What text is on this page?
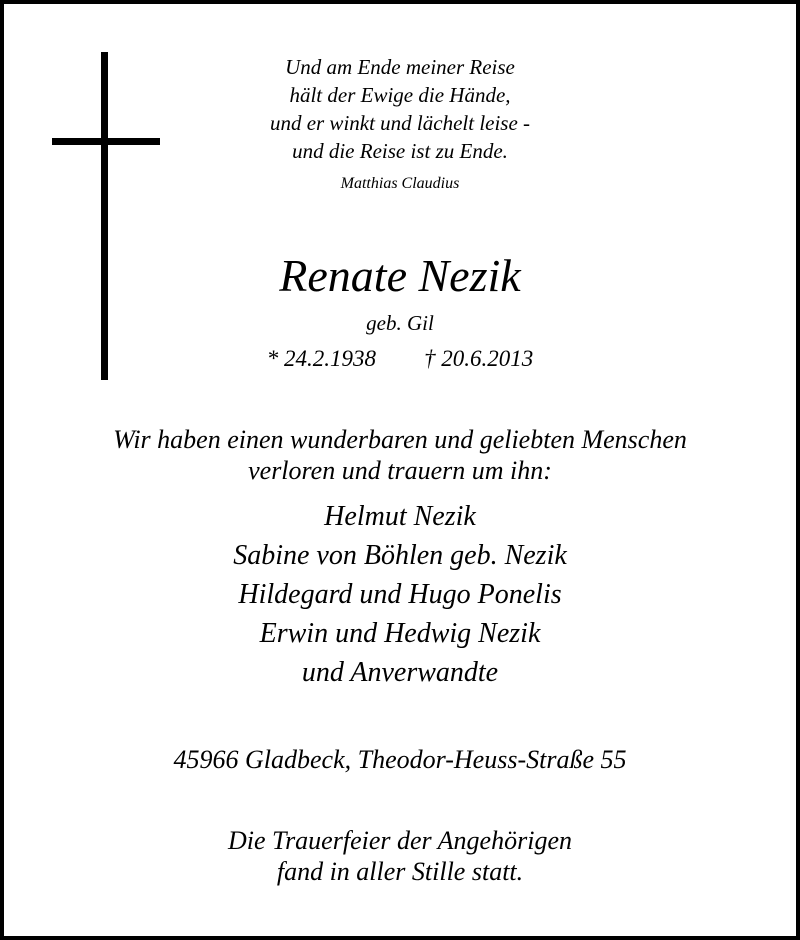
Und am Ende meiner Reise

hält der Ewige die Hände,

und er winkt und lächelt leise -

und die Reise ist zu Ende.

Matthias Claudius

Renate Nezik

geb. Gil

* 24.2.1938 † 20.6.2013

Wir haben einen wunderbaren und geliebten Menschen

verloren und trauern um ihn:

Helmut Nezik

Sabine von Böhlen geb. Nezik

Hildegard und Hugo Ponelis

Erwin und Hedwig Nezik

und Anverwandte

45966 Gladbeck, Theodor-Heuss-Straße 55

Die Trauerfeier der Angehörigen

fand in aller Stille statt.
